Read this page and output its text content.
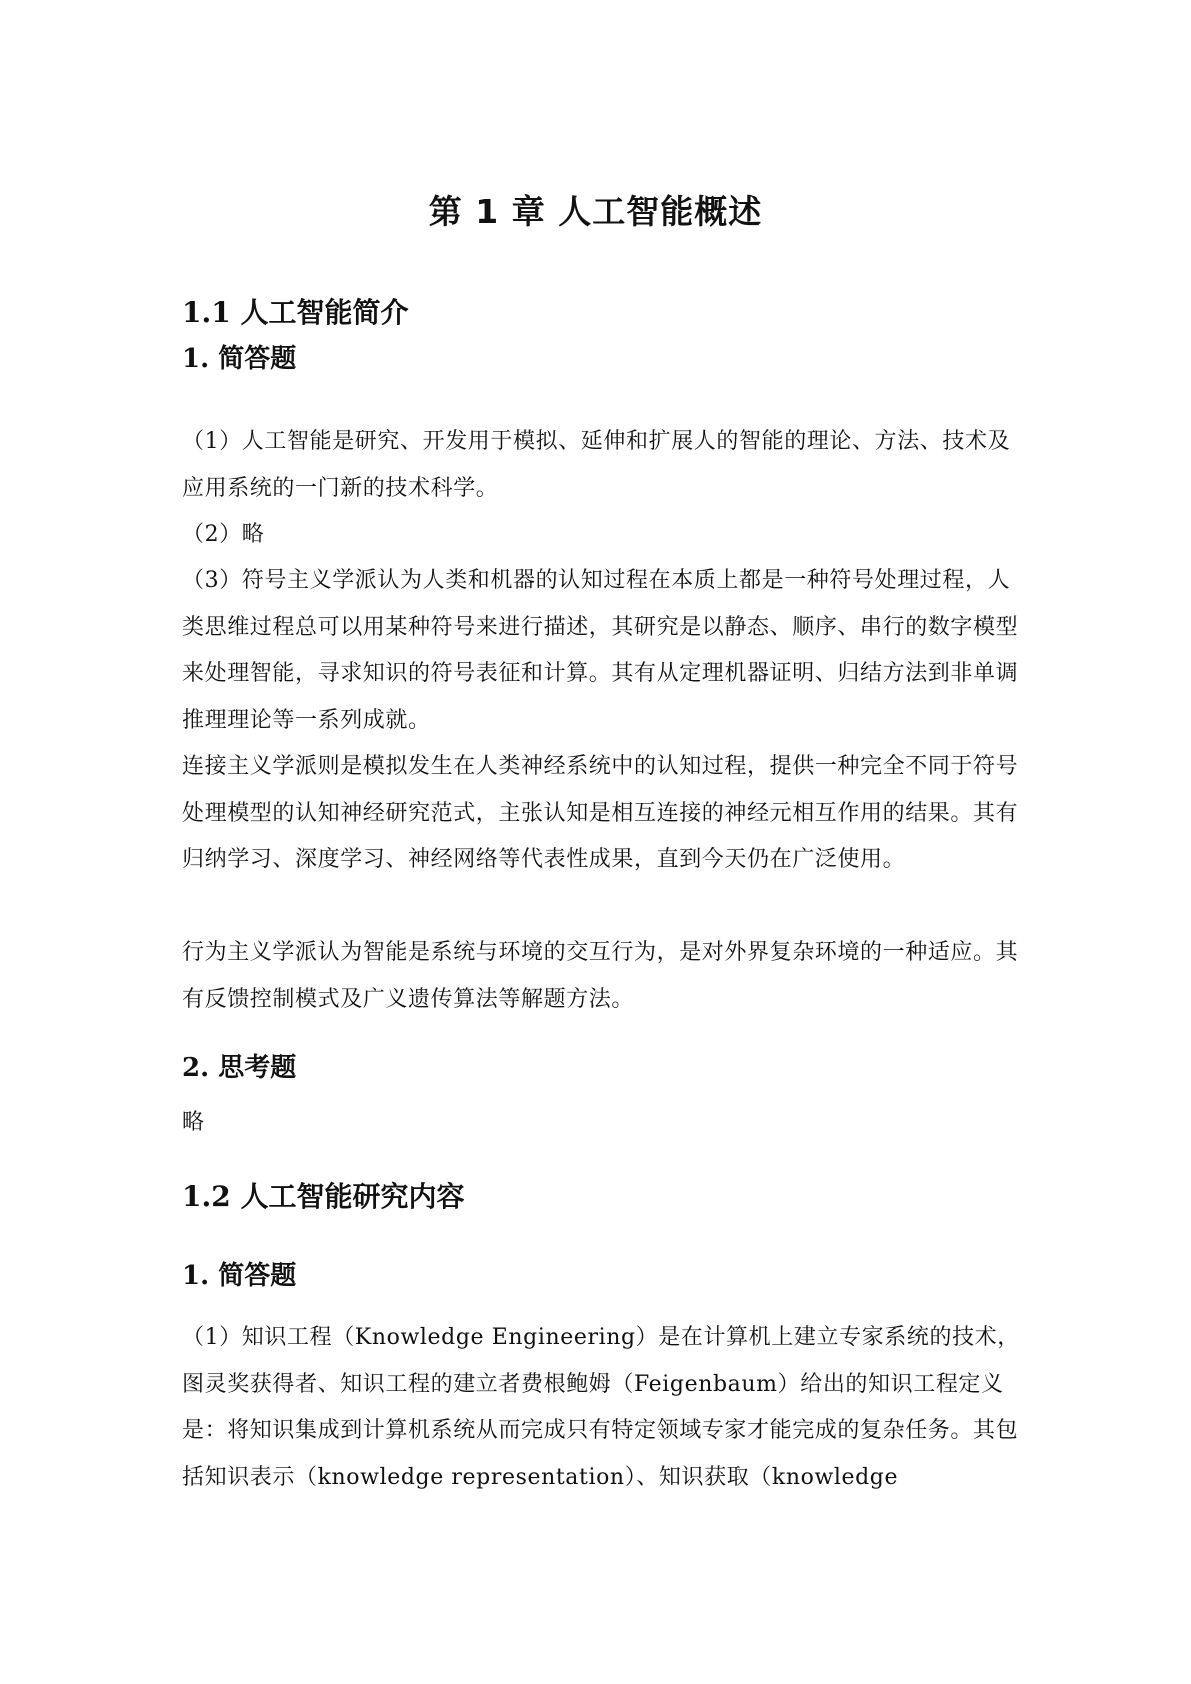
第 1 章 人工智能概述
1.1 人工智能简介
1. 简答题

（1）人工智能是研究、开发用于模拟、延伸和扩展人的智能的理论、方法、技术及应用系统的一门新的技术科学。

（2）略

（3）符号主义学派认为人类和机器的认知过程在本质上都是一种符号处理过程，人类思维过程总可以用某种符号来进行描述，其研究是以静态、顺序、串行的数字模型来处理智能，寻求知识的符号表征和计算。其有从定理机器证明、归结方法到非单调推理理论等一系列成就。

连接主义学派则是模拟发生在人类神经系统中的认知过程，提供一种完全不同于符号处理模型的认知神经研究范式，主张认知是相互连接的神经元相互作用的结果。其有归纳学习、深度学习、神经网络等代表性成果，直到今天仍在广泛使用。

行为主义学派认为智能是系统与环境的交互行为，是对外界复杂环境的一种适应。其有反馈控制模式及广义遗传算法等解题方法。

2. 思考题

略

1.2 人工智能研究内容
1. 简答题

（1）知识工程（Knowledge Engineering）是在计算机上建立专家系统的技术，图灵奖获得者、知识工程的建立者费根鲍姆（Feigenbaum）给出的知识工程定义是：将知识集成到计算机系统从而完成只有特定领域专家才能完成的复杂任务。其包括知识表示（knowledge representation）、知识获取（knowledge
